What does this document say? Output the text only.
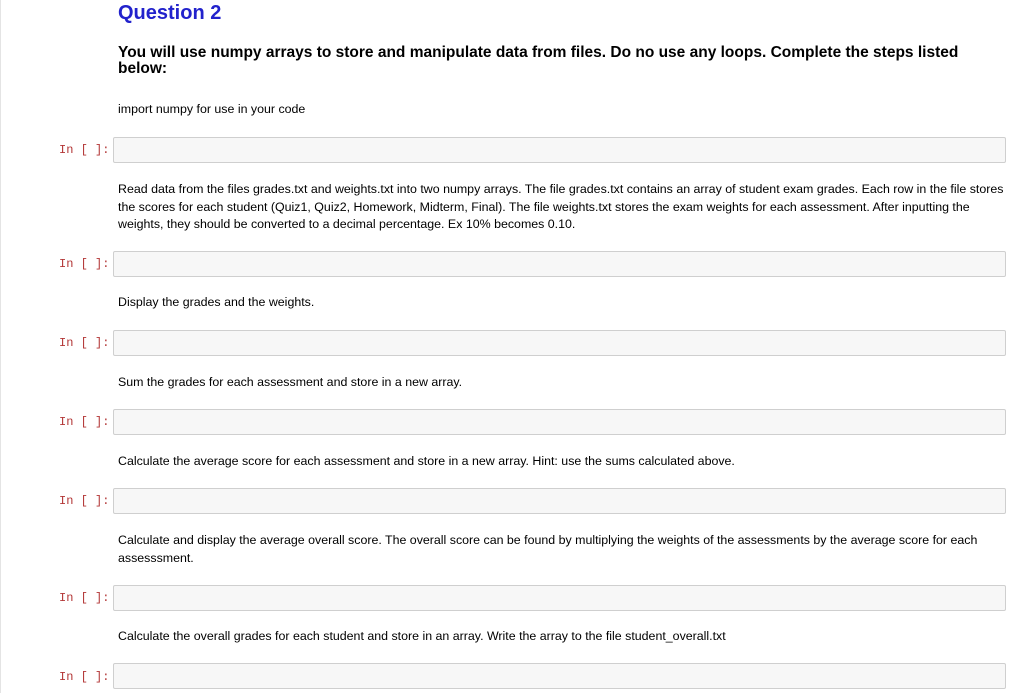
Question 2
You will use numpy arrays to store and manipulate data from files. Do no use any loops. Complete the steps listed below:
import numpy for use in your code
In [ ]:
Read data from the files grades.txt and weights.txt into two numpy arrays. The file grades.txt contains an array of student exam grades. Each row in the file stores the scores for each student (Quiz1, Quiz2, Homework, Midterm, Final). The file weights.txt stores the exam weights for each assessment. After inputting the weights, they should be converted to a decimal percentage. Ex 10% becomes 0.10.
In [ ]:
Display the grades and the weights.
In [ ]:
Sum the grades for each assessment and store in a new array.
In [ ]:
Calculate the average score for each assessment and store in a new array. Hint: use the sums calculated above.
In [ ]:
Calculate and display the average overall score. The overall score can be found by multiplying the weights of the assessments by the average score for each assesssment.
In [ ]:
Calculate the overall grades for each student and store in an array. Write the array to the file student_overall.txt
In [ ]:
